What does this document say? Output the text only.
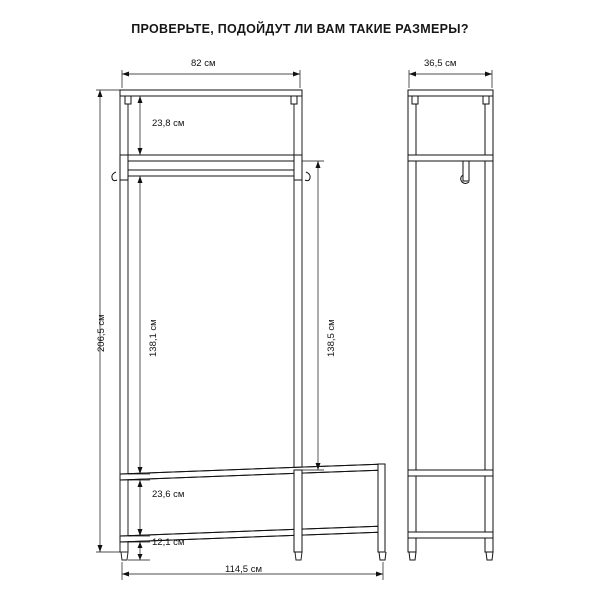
ПРОВЕРЬТЕ, ПОДОЙДУТ ЛИ ВАМ ТАКИЕ РАЗМЕРЫ?
82 см	36,5 см
23,8 см
206,5 см	138,1 см	138,5 см
23,6 см
12,1 см
114,5 см
